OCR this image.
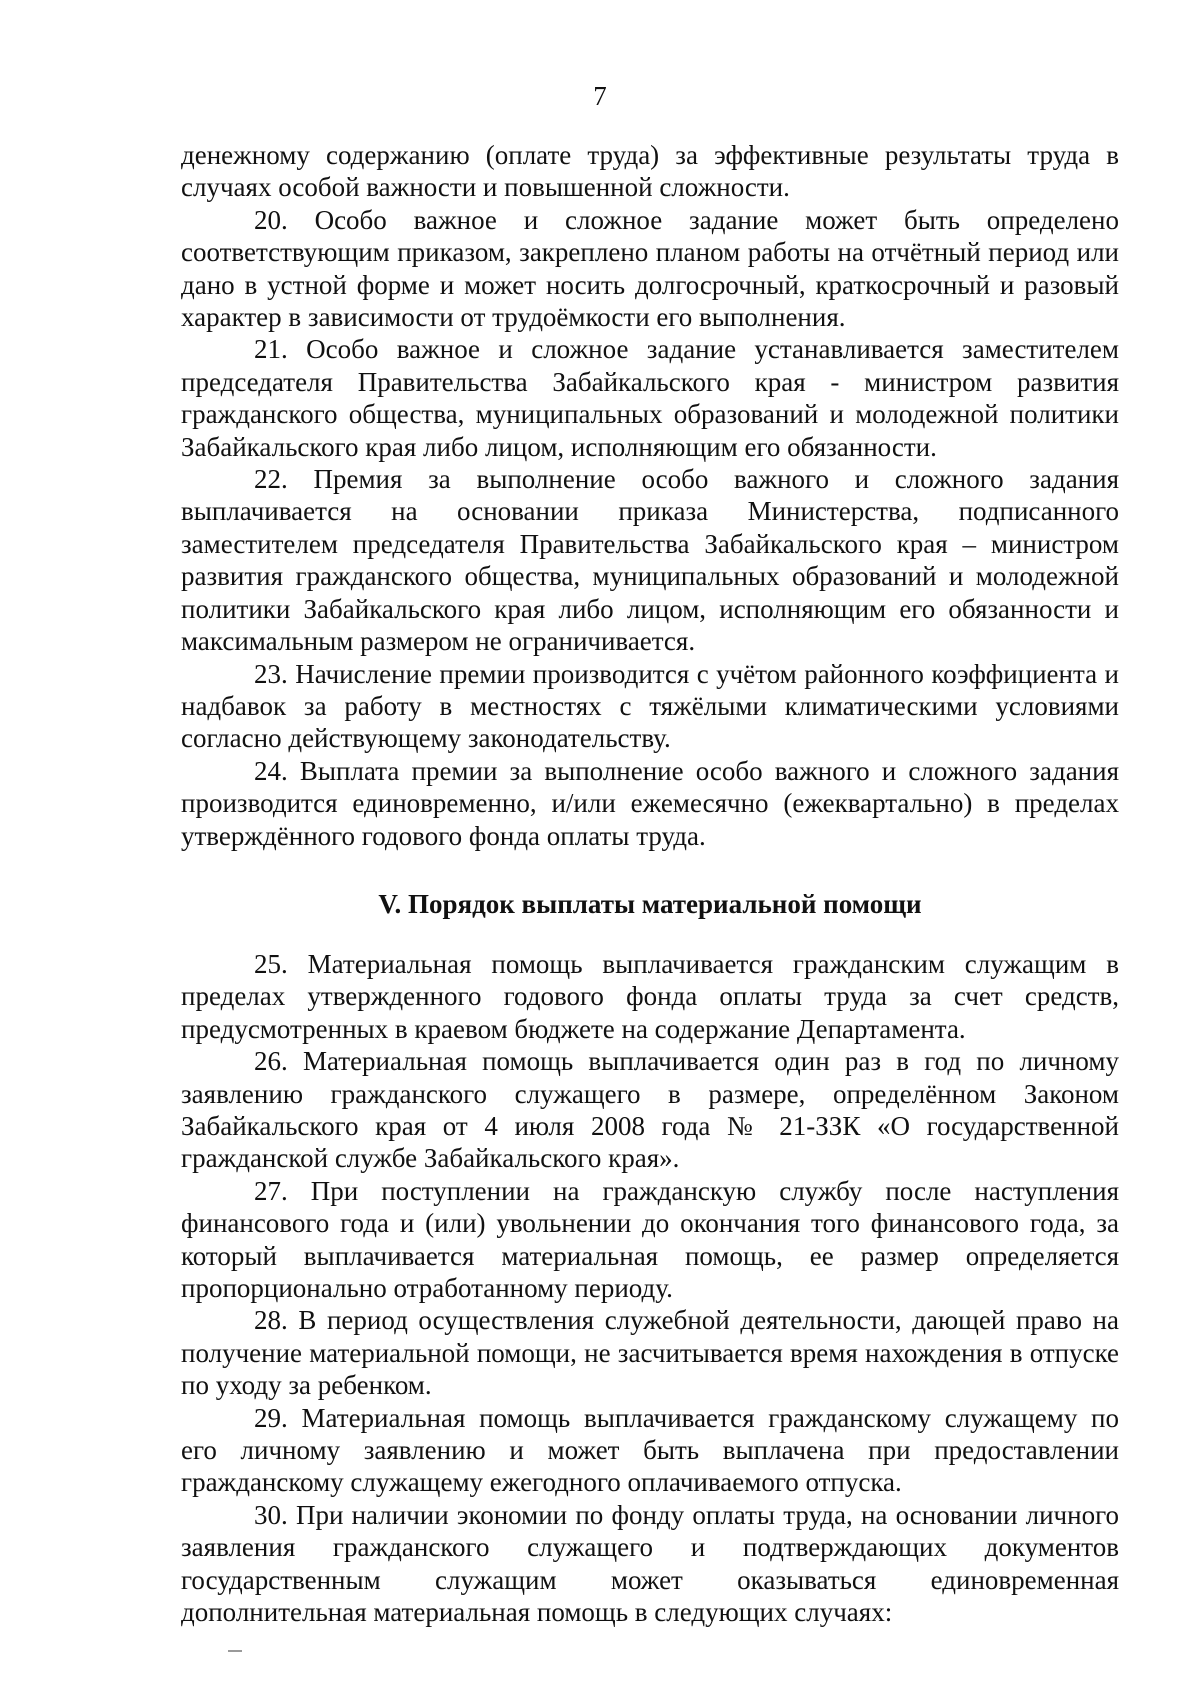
7

денежному содержанию (оплате труда) за эффективные результаты труда в случаях особой важности и повышенной сложности.

20. Особо важное и сложное задание может быть определено соответствующим приказом, закреплено планом работы на отчётный период или дано в устной форме и может носить долгосрочный, краткосрочный и разовый характер в зависимости от трудоёмкости его выполнения.

21. Особо важное и сложное задание устанавливается заместителем председателя Правительства Забайкальского края - министром развития гражданского общества, муниципальных образований и молодежной политики Забайкальского края либо лицом, исполняющим его обязанности.

22. Премия за выполнение особо важного и сложного задания выплачивается на основании приказа Министерства, подписанного заместителем председателя Правительства Забайкальского края – министром развития гражданского общества, муниципальных образований и молодежной политики Забайкальского края либо лицом, исполняющим его обязанности и максимальным размером не ограничивается.

23. Начисление премии производится с учётом районного коэффициента и надбавок за работу в местностях с тяжёлыми климатическими условиями согласно действующему законодательству.

24. Выплата премии за выполнение особо важного и сложного задания производится единовременно, и/или ежемесячно (ежеквартально) в пределах утверждённого годового фонда оплаты труда.

V. Порядок выплаты материальной помощи

25. Материальная помощь выплачивается гражданским служащим в пределах утвержденного годового фонда оплаты труда за счет средств, предусмотренных в краевом бюджете на содержание Департамента.

26. Материальная помощь выплачивается один раз в год по личному заявлению гражданского служащего в размере, определённом Законом Забайкальского края от 4 июля 2008 года № 21-ЗЗК «О государственной гражданской службе Забайкальского края».

27. При поступлении на гражданскую службу после наступления финансового года и (или) увольнении до окончания того финансового года, за который выплачивается материальная помощь, ее размер определяется пропорционально отработанному периоду.

28. В период осуществления служебной деятельности, дающей право на получение материальной помощи, не засчитывается время нахождения в отпуске по уходу за ребенком.

29. Материальная помощь выплачивается гражданскому служащему по его личному заявлению и может быть выплачена при предоставлении гражданскому служащему ежегодного оплачиваемого отпуска.

30. При наличии экономии по фонду оплаты труда, на основании личного заявления гражданского служащего и подтверждающих документов государственным служащим может оказываться единовременная дополнительная материальная помощь в следующих случаях:
